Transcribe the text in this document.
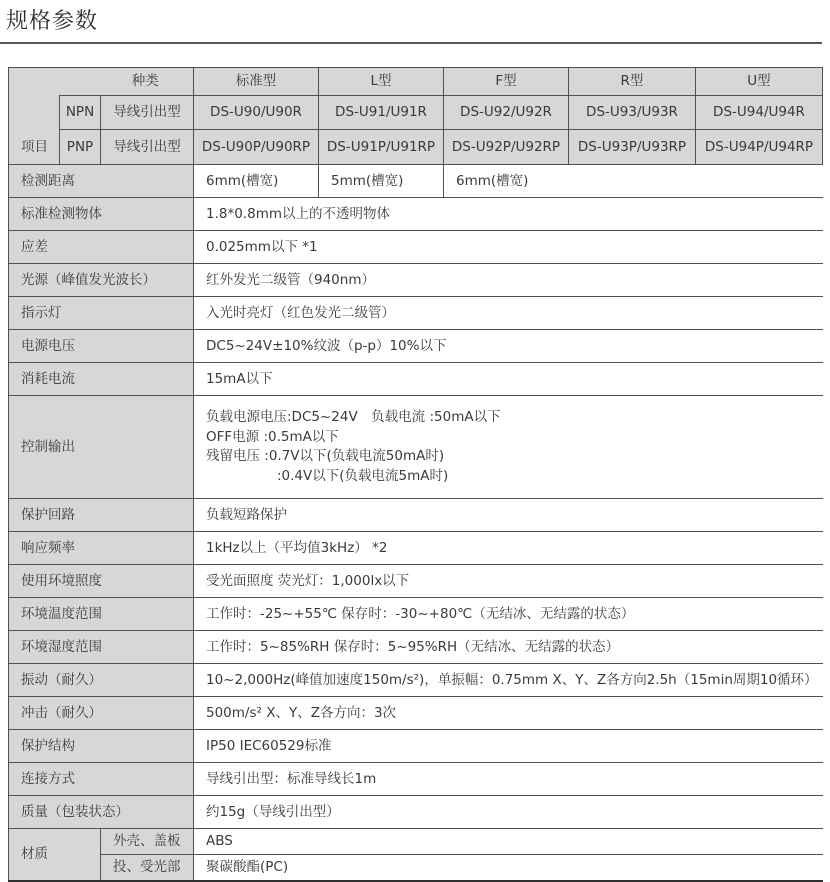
规格参数
	种类		标准型	L型	F型	R型	U型
	NPN	导线引出型	DS-U90/U90R	DS-U91/U91R	DS-U92/U92R	DS-U93/U93R	DS-U94/U94R
项目	PNP	导线引出型	DS-U90P/U90RP	DS-U91P/U91RP	DS-U92P/U92RP	DS-U93P/U93RP	DS-U94P/U94RP
检测距离			6mm(槽宽)	5mm(槽宽)	6mm(槽宽)		
标准检测物体			1.8*0.8mm以上的不透明物体				
应差			0.025mm以下 *1				
光源（峰值发光波长）			红外发光二级管（940nm）				
指示灯			入光时亮灯（红色发光二级管）				
电源电压			DC5~24V±10%纹波（p-p）10%以下				
消耗电流			15mA以下				
控制输出			负载电源电压:DC5~24V　负载电流 :50mA以下
OFF电源 :0.5mA以下
残留电压 :0.7V以下(负载电流50mA时)
:0.4V以下(负载电流5mA时)				

保护回路			负载短路保护				
响应频率			1kHz以上（平均值3kHz） *2				
使用环境照度			受光面照度 荧光灯：1,000lx以下				
环境温度范围			工作时：-25~+55℃ 保存时：-30~+80℃（无结冰、无结露的状态）				
环境湿度范围			工作时：5~85%RH 保存时：5~95%RH（无结冰、无结露的状态）				
振动（耐久）			10~2,000Hz(峰值加速度150m/s²)，单振幅：0.75mm X、Y、Z各方向2.5h（15min周期10循环）				
冲击（耐久）			500m/s² X、Y、Z各方向：3次				
保护结构			IP50 IEC60529标准				
连接方式			导线引出型：标准导线长1m				
质量（包装状态）			约15g（导线引出型）				
材质		外壳、盖板	ABS				
		投、受光部	聚碳酸酯(PC)				
